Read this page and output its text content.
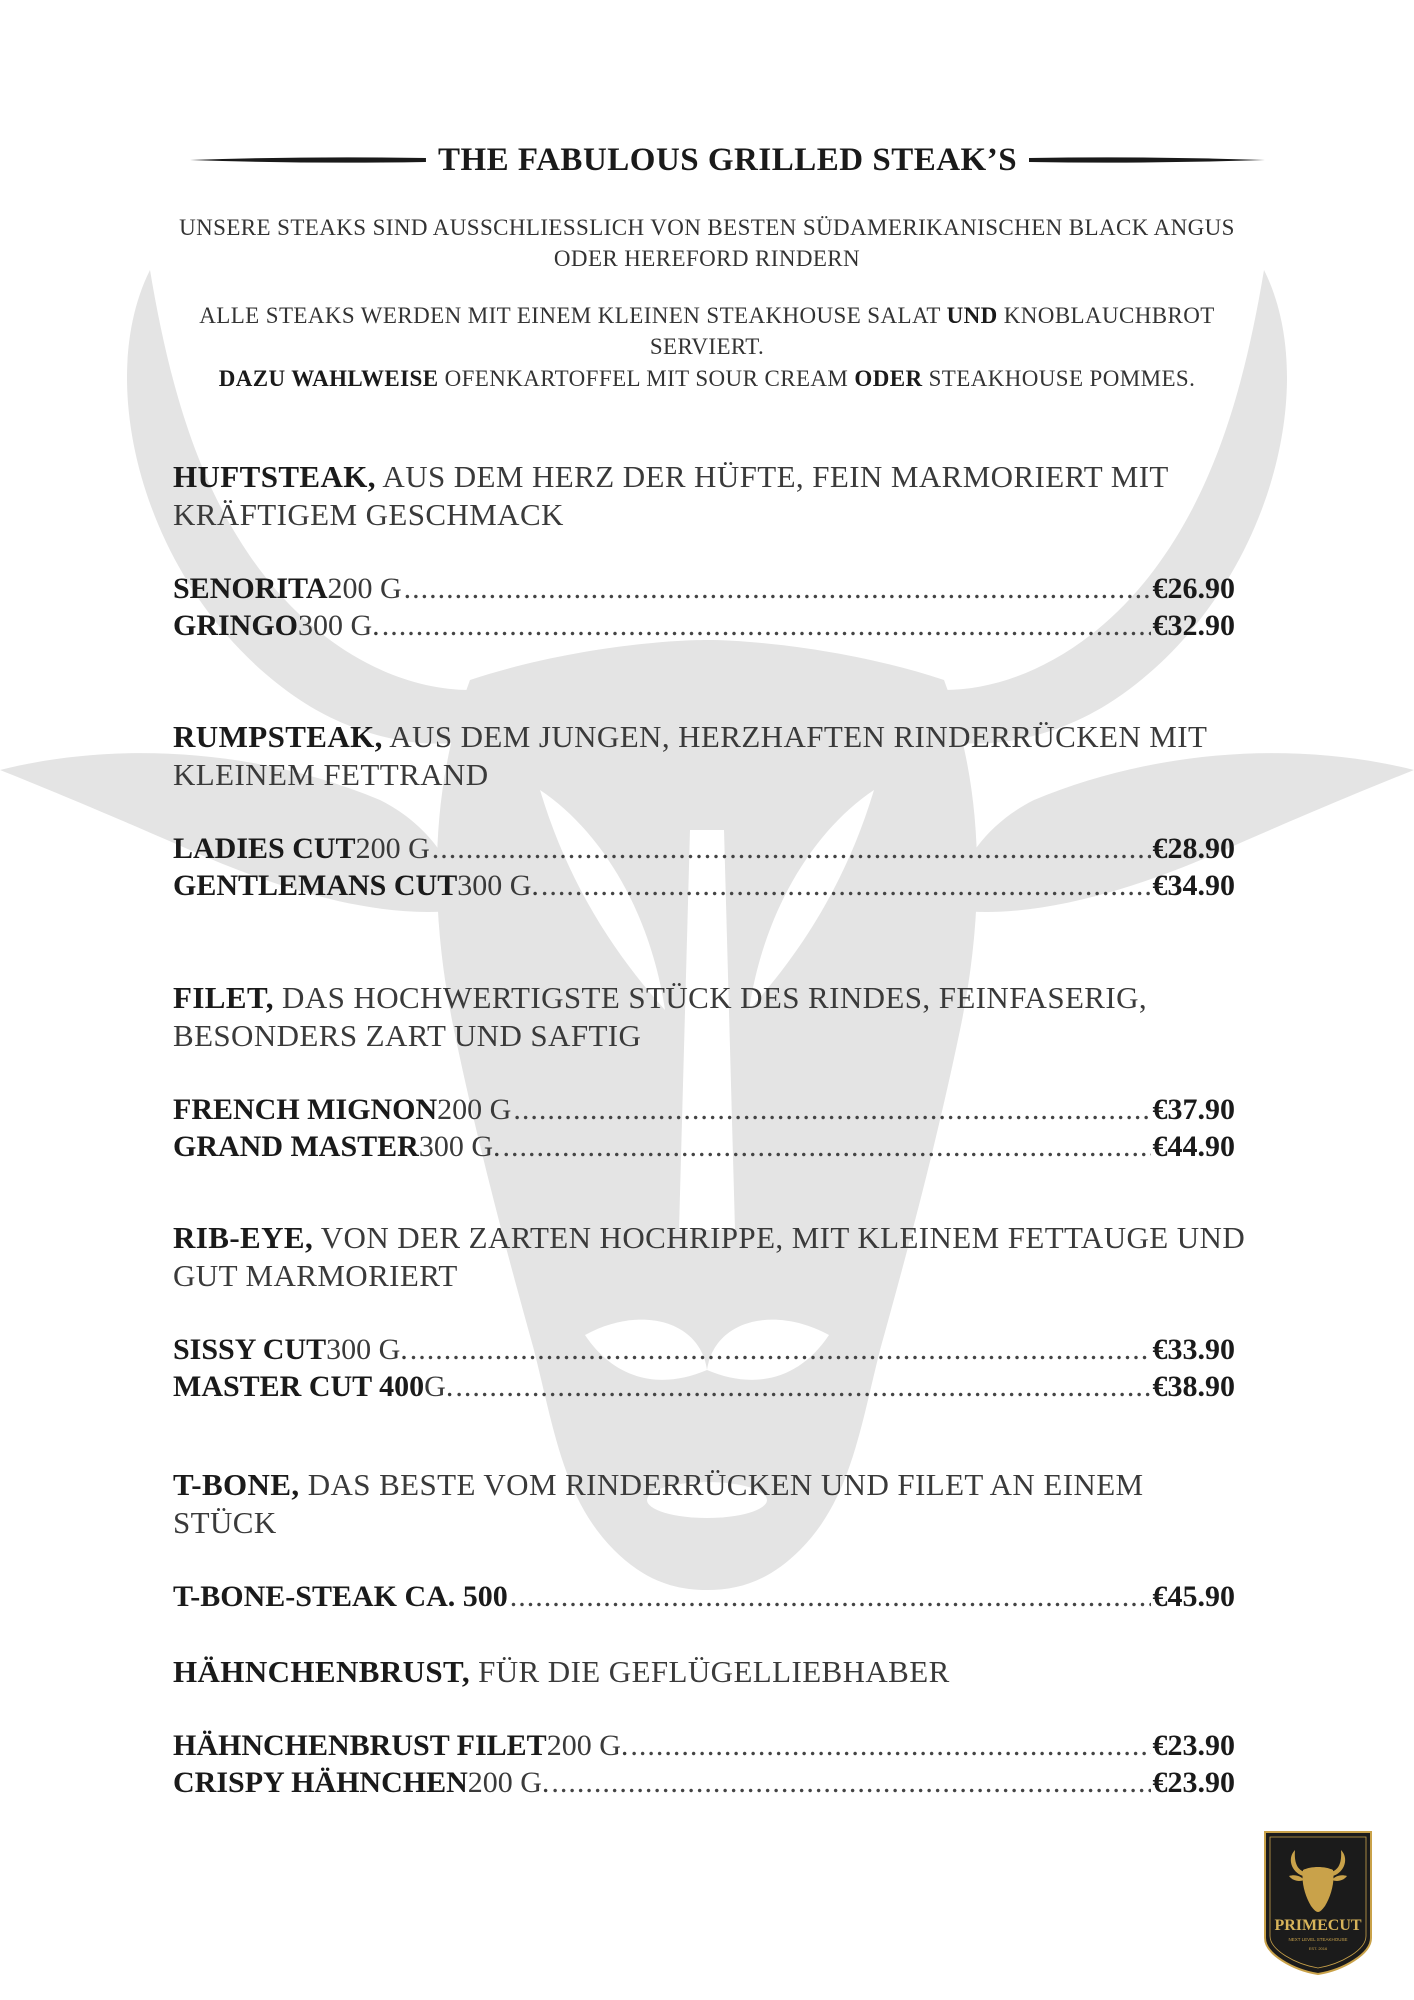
THE FABULOUS GRILLED STEAK’S
UNSERE STEAKS SIND AUSSCHLIESSLICH VON BESTEN SÜDAMERIKANISCHEN BLACK ANGUS ODER HEREFORD RINDERN
ALLE STEAKS WERDEN MIT EINEM KLEINEN STEAKHOUSE SALAT UND KNOBLAUCHBROT SERVIERT.
DAZU WAHLWEISE OFENKARTOFFEL MIT SOUR CREAM ODER STEAKHOUSE POMMES.

HUFTSTEAK, AUS DEM HERZ DER HÜFTE, FEIN MARMORIERT MIT KRÄFTIGEM GESCHMACK

SENORITA 200 G .....	€26.90
GRINGO 300 G. .....	€32.90

RUMPSTEAK, AUS DEM JUNGEN, HERZHAFTEN RINDERRÜCKEN MIT KLEINEM FETTRAND

LADIES CUT 200 G .....	€28.90
GENTLEMANS CUT 300 G. .....	€34.90

FILET, DAS HOCHWERTIGSTE STÜCK DES RINDES, FEINFASERIG, BESONDERS ZART UND SAFTIG

FRENCH MIGNON 200 G .....	€37.90
GRAND MASTER 300 G. .....	€44.90

RIB-EYE, VON DER ZARTEN HOCHRIPPE, MIT KLEINEM FETTAUGE UND GUT MARMORIERT

SISSY CUT 300 G. .....	€33.90
MASTER CUT 400 G. .....	€38.90

T-BONE, DAS BESTE VOM RINDERRÜCKEN UND FILET AN EINEM STÜCK

T-BONE-STEAK CA. 500 .....	€45.90

HÄHNCHENBRUST, FÜR DIE GEFLÜGELLIEBHABER

HÄHNCHENBRUST FILET 200 G. .....	€23.90
CRISPY HÄHNCHEN 200 G. .....	€23.90
PRIMECUT
NEXT LEVEL STEAKHOUSE
EST. 2016
